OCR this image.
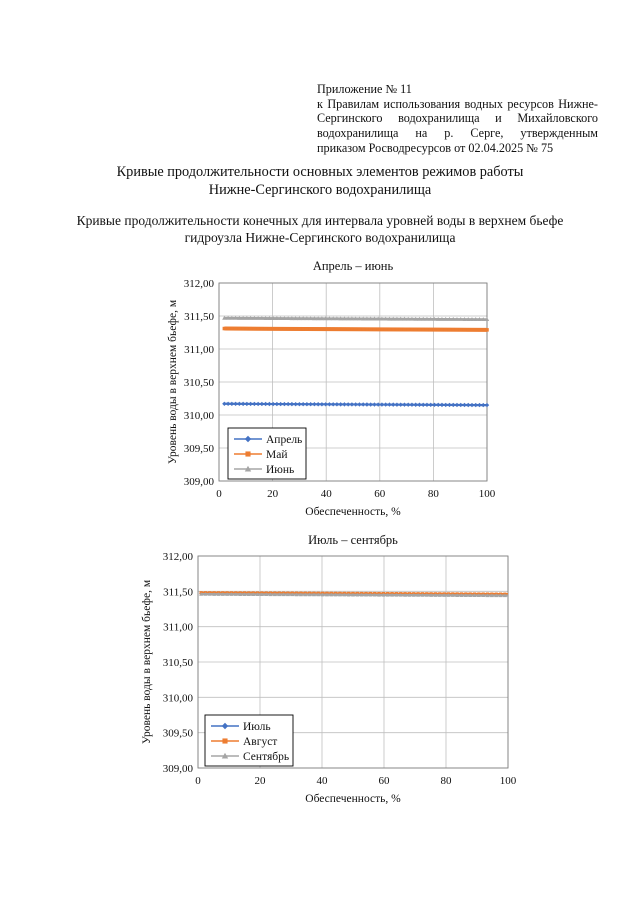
Приложение № 11
к Правилам использования водных ресурсов Нижне-
Сергинского водохранилища и Михайловского
водохранилища на р. Серге, утвержденным
приказом Росводресурсов от 02.04.2025 № 75
Кривые продолжительности основных элементов режимов работы
Нижне-Сергинского водохранилища
Кривые продолжительности конечных для интервала уровней воды в верхнем бьефе
гидроузла Нижне-Сергинского водохранилища
Апрель – июнь
309,00
309,50
310,00
310,50
311,00
311,50
312,00
0	20	40	60	80	100
Обеспеченность, %
Уровень воды в верхнем бьефе, м	Апрель
Май
Июнь
Июль – сентябрь
309,00
309,50
310,00
310,50
311,00
311,50
312,00
0	20	40	60	80	100
Обеспеченность, %
Уровень воды в верхнем бьефе, м	Июль
Август
Сентябрь
